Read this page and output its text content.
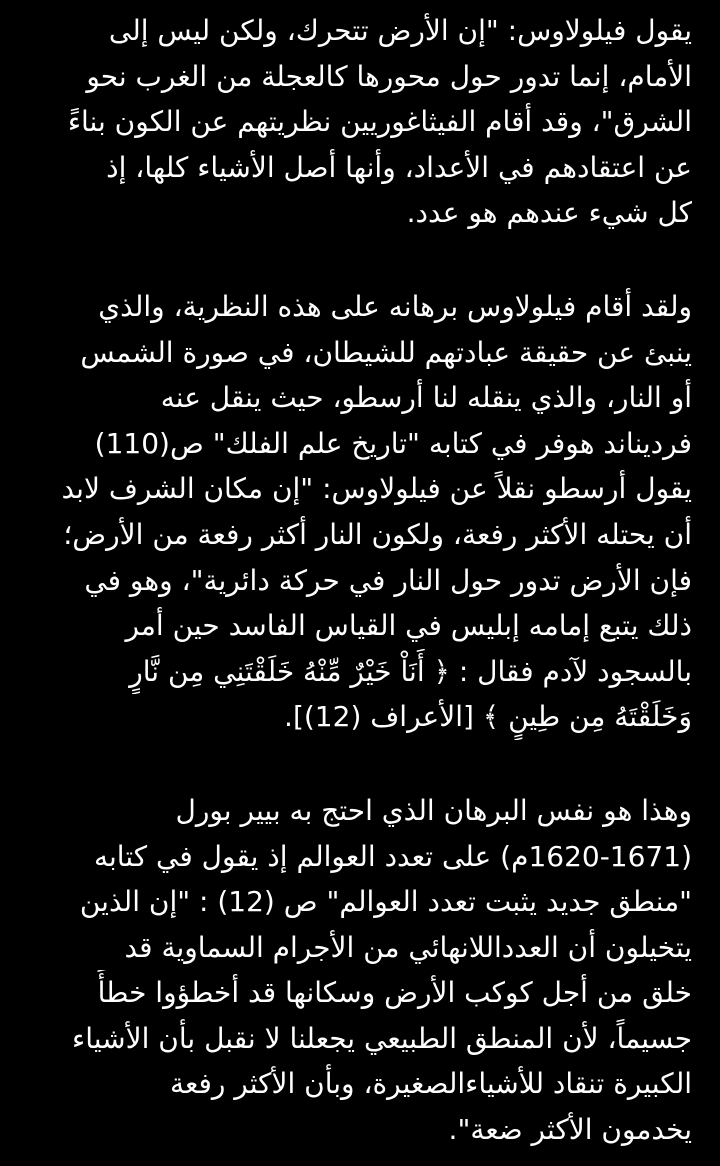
يقول فيلولاوس: "إن الأرض تتحرك، ولكن ليس إلى
الأمام، إنما تدور حول محورها كالعجلة من الغرب نحو
الشرق"، وقد أقام الفيثاغوريين نظريتهم عن الكون بناءً
عن اعتقادهم في الأعداد، وأنها أصل الأشياء كلها، إذ
كل شيء عندهم هو عدد.
ولقد أقام فيلولاوس برهانه على هذه النظرية، والذي
ينبئ عن حقيقة عبادتهم للشيطان، في صورة الشمس
أو النار، والذي ينقله لنا أرسطو، حيث ينقل عنه
فرديناند هوفر في كتابه "تاريخ علم الفلك" ص(110)
يقول أرسطو نقلاً عن فيلولاوس: "إن مكان الشرف لابد
أن يحتله الأكثر رفعة، ولكون النار أكثر رفعة من الأرض؛
فإن الأرض تدور حول النار في حركة دائرية"، وهو في
ذلك يتبع إمامه إبليس في القياس الفاسد حين أمر
بالسجود لآدم فقال : ﴿ أَنَاْ خَيْرٌ مِّنْهُ خَلَقْتَنِي مِن نَّارٍ
وَخَلَقْتَهُ مِن طِينٍ ﴾ [الأعراف (12)].
وهذا هو نفس البرهان الذي احتج به بيير بورل
(1620-1671م) على تعدد العوالم إذ يقول في كتابه
"منطق جديد يثبت تعدد العوالم" ص (12) : "إن الذين
يتخيلون أن العدداللانهائي من الأجرام السماوية قد
خلق من أجل كوكب الأرض وسكانها قد أخطؤوا خطأً
جسيماً، لأن المنطق الطبيعي يجعلنا لا نقبل بأن الأشياء
الكبيرة تنقاد للأشياءالصغيرة، وبأن الأكثر رفعة
يخدمون الأكثر ضعة".
